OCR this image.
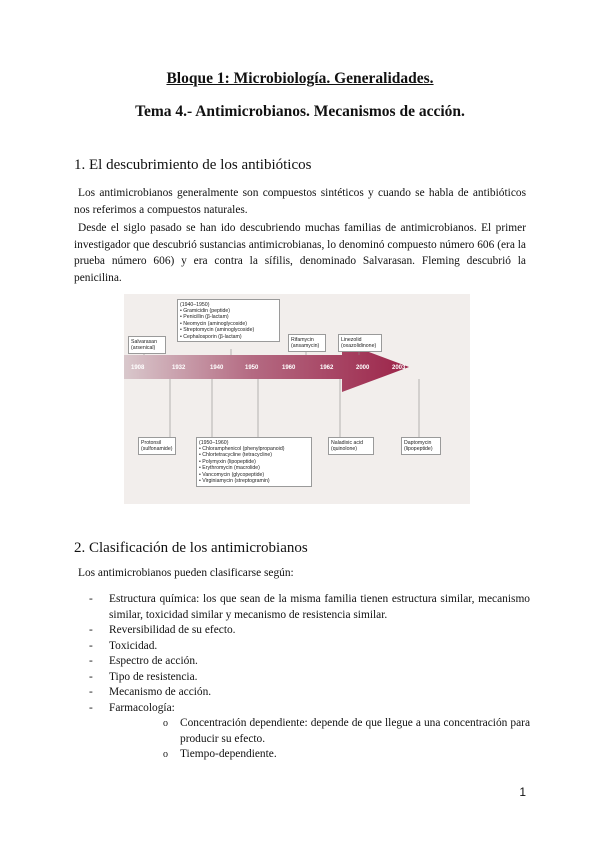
Bloque 1: Microbiología. Generalidades.
Tema 4.- Antimicrobianos. Mecanismos de acción.
1. El descubrimiento de los antibióticos
Los antimicrobianos generalmente son compuestos sintéticos y cuando se habla de antibióticos nos referimos a compuestos naturales.
Desde el siglo pasado se han ido descubriendo muchas familias de antimicrobianos. El primer investigador que descubrió sustancias antimicrobianas, lo denominó compuesto número 606 (era la prueba número 606) y era contra la sífilis, denominado Salvarasan. Fleming descubrió la penicilina.
1908	1932	1940	1950	1960	1962	2000	2003
Salvarasan
(arsenical)
(1940–1950)
• Gramicidin (peptide)
• Penicillin (β-lactam)
• Neomycin (aminoglycoside)
• Streptomycin (aminoglycoside)
• Cephalosporin (β-lactam)	Rifamycin
(ansamycin)
Linezolid
(oxazolidinone)
Protonsil
(sulfonamide)
(1950–1960)
• Chloramphenicol (phenylpropanoid)
• Chlortetracycline (tetracycline)
• Polymyxin (lipopeptide)
• Erythromycin (macrolide)
• Vancomycin (glycopeptide)
• Virginiamycin (streptogramin)
Naladixic acid
(quinolone)
Daptomycin
(lipopeptide)
2. Clasificación de los antimicrobianos
Los antimicrobianos pueden clasificarse según:
- Estructura química: los que sean de la misma familia tienen estructura similar, mecanismo similar, toxicidad similar y mecanismo de resistencia similar.
- Reversibilidad de su efecto.
- Toxicidad.
- Espectro de acción.
- Tipo de resistencia.
- Mecanismo de acción.
- Farmacología:
o Concentración dependiente: depende de que llegue a una concentración para producir su efecto.
o Tiempo-dependiente.
1
